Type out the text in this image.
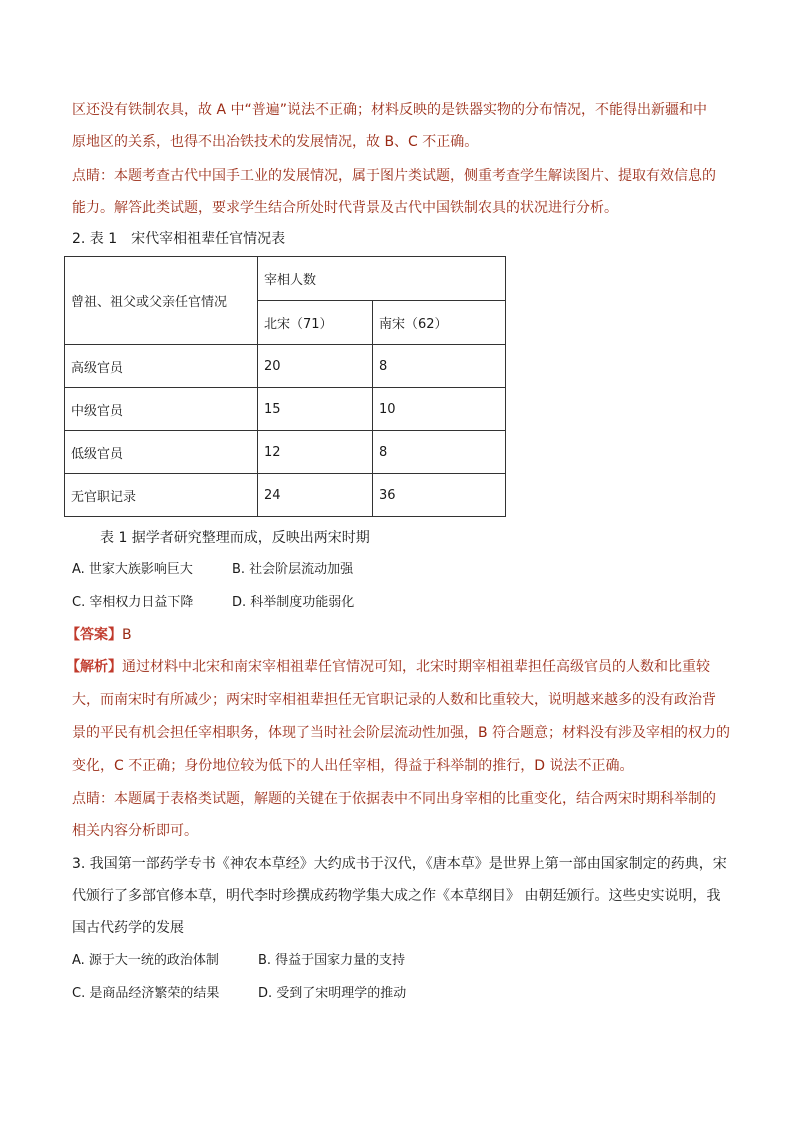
区还没有铁制农具，故 A 中“普遍”说法不正确；材料反映的是铁器实物的分布情况，不能得出新疆和中
原地区的关系，也得不出冶铁技术的发展情况，故 B、C 不正确。
点睛：本题考查古代中国手工业的发展情况，属于图片类试题，侧重考查学生解读图片、提取有效信息的
能力。解答此类试题，要求学生结合所处时代背景及古代中国铁制农具的状况进行分析。
2. 表 1　宋代宰相祖辈任官情况表
曾祖、祖父或父亲任官情况	宰相人数	
	北宋（71）	南宋（62）
高级官员	20	8
中级官员	15	10
低级官员	12	8
无官职记录	24	36
表 1 据学者研究整理而成，反映出两宋时期
A. 世家大族影响巨大	B. 社会阶层流动加强
C. 宰相权力日益下降	D. 科举制度功能弱化
【答案】B
【解析】通过材料中北宋和南宋宰相祖辈任官情况可知，北宋时期宰相祖辈担任高级官员的人数和比重较
大，而南宋时有所减少；两宋时宰相祖辈担任无官职记录的人数和比重较大，说明越来越多的没有政治背
景的平民有机会担任宰相职务，体现了当时社会阶层流动性加强，B 符合题意；材料没有涉及宰相的权力的
变化，C 不正确；身份地位较为低下的人出任宰相，得益于科举制的推行，D 说法不正确。
点睛：本题属于表格类试题，解题的关键在于依据表中不同出身宰相的比重变化，结合两宋时期科举制的
相关内容分析即可。
3. 我国第一部药学专书《神农本草经》大约成书于汉代，《唐本草》是世界上第一部由国家制定的药典，宋
代颁行了多部官修本草，明代李时珍撰成药物学集大成之作《本草纲目》 由朝廷颁行。这些史实说明，我
国古代药学的发展
A. 源于大一统的政治体制	B. 得益于国家力量的支持
C. 是商品经济繁荣的结果	D. 受到了宋明理学的推动
